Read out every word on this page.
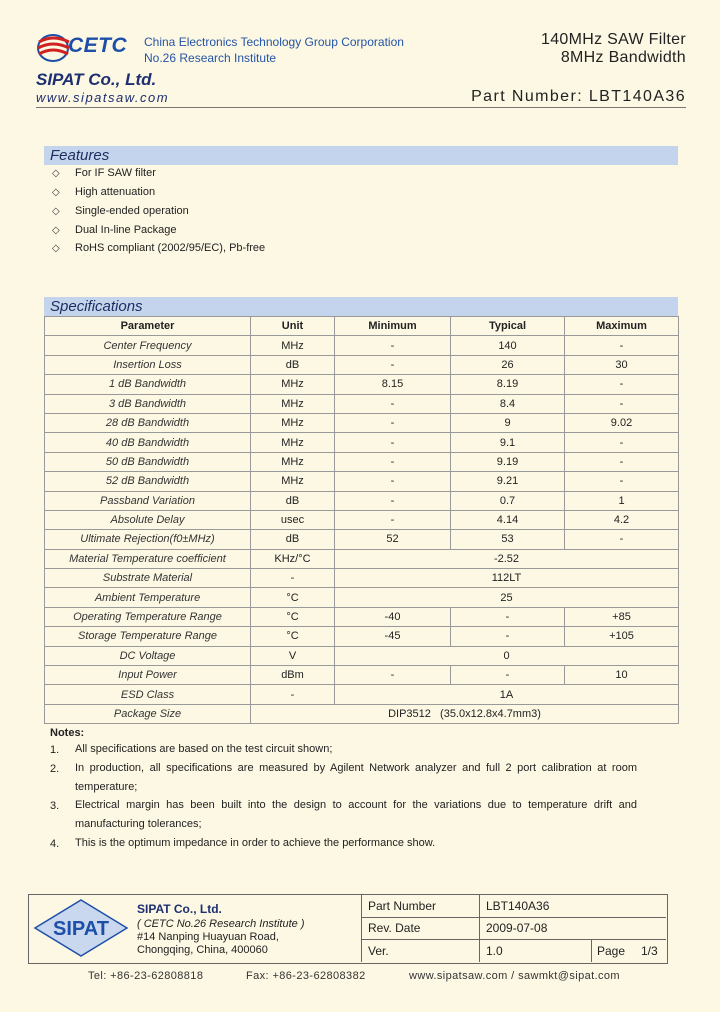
CETC China Electronics Technology Group Corporation
No.26 Research Institute
140MHz SAW Filter
8MHz Bandwidth
SIPAT Co., Ltd.
www.sipatsaw.com	Part Number: LBT140A36
Features
◇ For IF SAW filter
◇ High attenuation
◇ Single-ended operation
◇ Dual In-line Package
◇ RoHS compliant (2002/95/EC), Pb-free
Specifications
Parameter	Unit	Minimum	Typical	Maximum
Center Frequency	MHz	-	140	-
Insertion Loss	dB	-	26	30
1 dB Bandwidth	MHz	8.15	8.19	-
3 dB Bandwidth	MHz	-	8.4	-
28 dB Bandwidth	MHz	-	9	9.02
40 dB Bandwidth	MHz	-	9.1	-
50 dB Bandwidth	MHz	-	9.19	-
52 dB Bandwidth	MHz	-	9.21	-
Passband Variation	dB	-	0.7	1
Absolute Delay	usec	-	4.14	4.2
Ultimate Rejection(f0±MHz)	dB	52	53	-
Material Temperature coefficient	KHz/°C	-2.52		
Substrate Material	-	112LT		
Ambient Temperature	°C	25		
Operating Temperature Range	°C	-40	-	+85
Storage Temperature Range	°C	-45	-	+105
DC Voltage	V	0		
Input Power	dBm	-	-	10
ESD Class	-	1A		
Package Size	DIP3512   (35.0x12.8x4.7mm3)			
Notes:
1. All specifications are based on the test circuit shown;
2. In production, all specifications are measured by Agilent Network analyzer and full 2 port calibration at room temperature;
3. Electrical margin has been built into the design to account for the variations due to temperature drift and manufacturing tolerances;
4. This is the optimum impedance in order to achieve the performance show.
SIPAT
SIPAT Co., Ltd.
( CETC No.26 Research Institute )
#14 Nanping Huayuan Road,
Chongqing, China, 400060
Part Number	LBT140A36
Rev. Date	2009-07-08
Ver.	1.0	Page 1/3
Tel: +86-23-62808818	Fax: +86-23-62808382	www.sipatsaw.com / sawmkt@sipat.com
